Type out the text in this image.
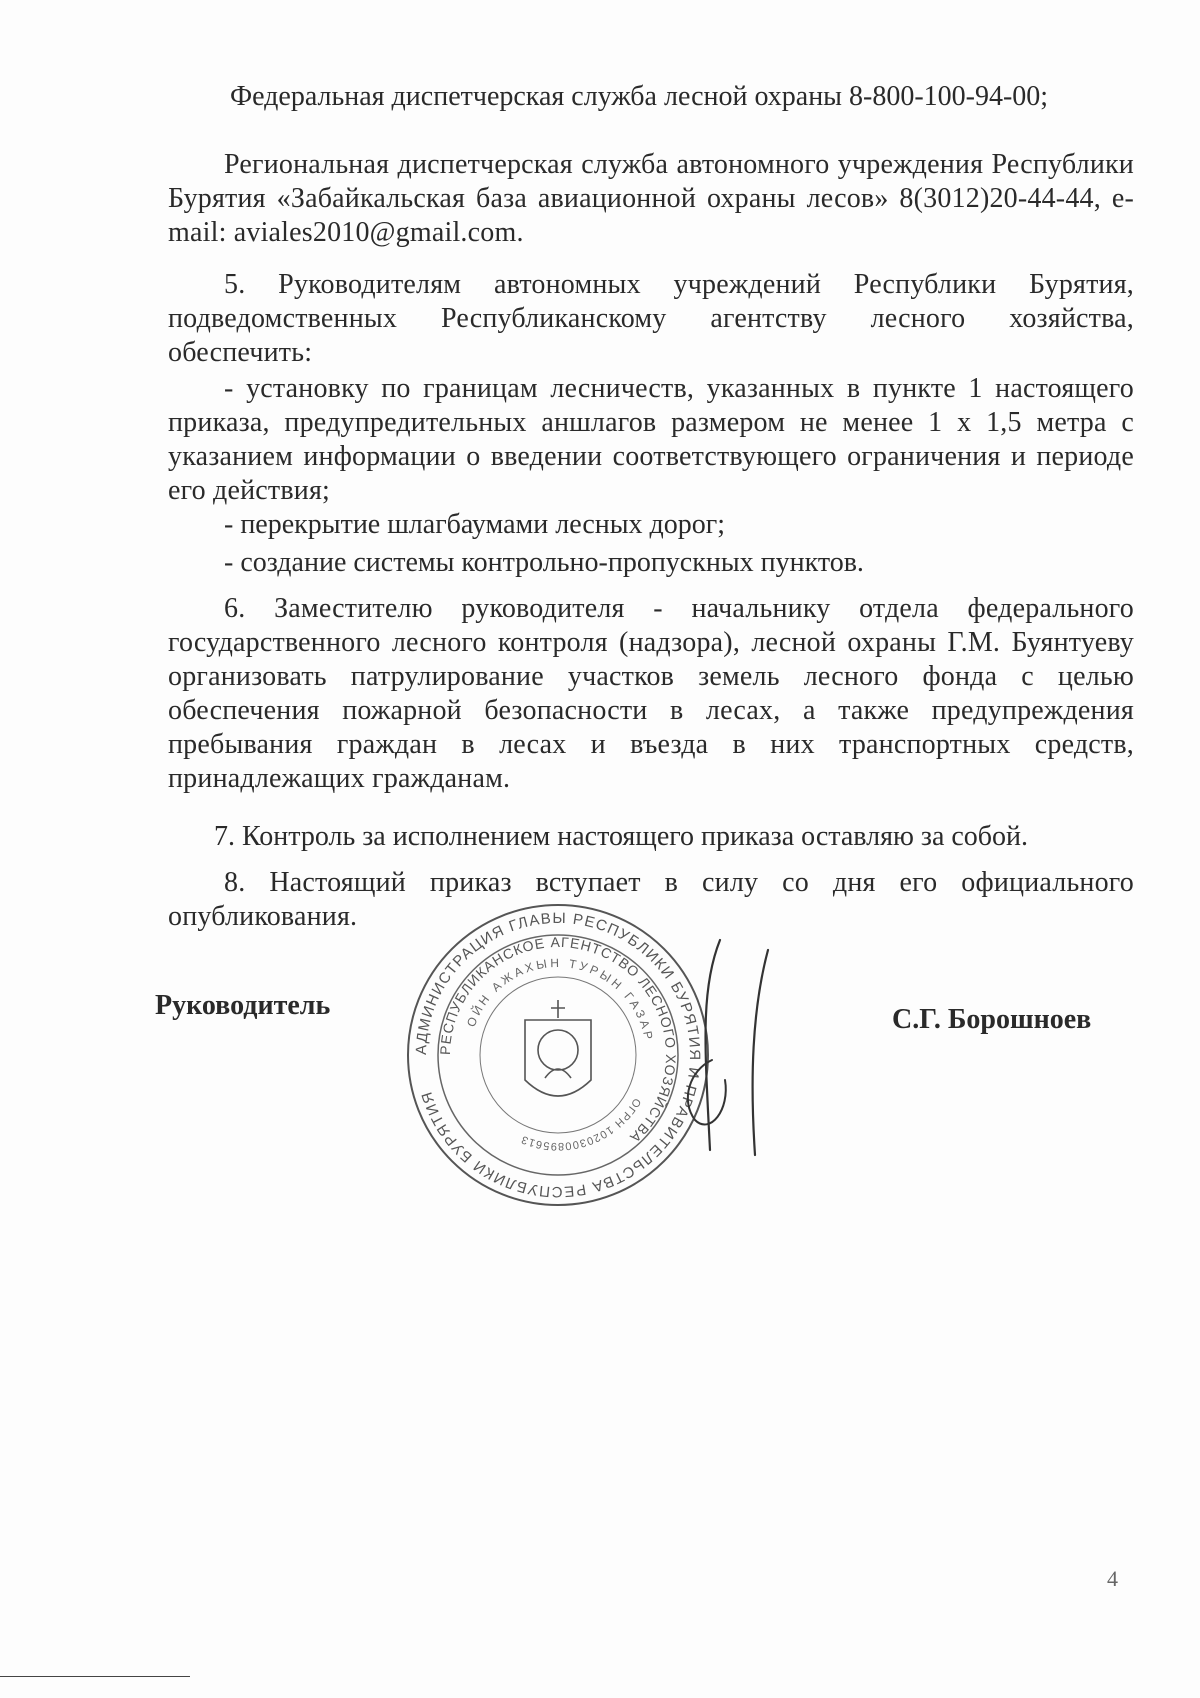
Федеральная диспетчерская служба лесной охраны 8-800-100-94-00;
Региональная диспетчерская служба автономного учреждения Республики Бурятия «Забайкальская база авиационной охраны лесов» 8(3012)20-44-44, e-mail: aviales2010@gmail.com.
5. Руководителям автономных учреждений Республики Бурятия, подведомственных Республиканскому агентству лесного хозяйства, обеспечить:
- установку по границам лесничеств, указанных в пункте 1 настоящего приказа, предупредительных аншлагов размером не менее 1 х 1,5 метра с указанием информации о введении соответствующего ограничения и периоде его действия;
- перекрытие шлагбаумами лесных дорог;
- создание системы контрольно-пропускных пунктов.
6. Заместителю руководителя - начальнику отдела федерального государственного лесного контроля (надзора), лесной охраны Г.М. Буянтуеву организовать патрулирование участков земель лесного фонда с целью обеспечения пожарной безопасности в лесах, а также предупреждения пребывания граждан в лесах и въезда в них транспортных средств, принадлежащих гражданам.
7. Контроль за исполнением настоящего приказа оставляю за собой.
8. Настоящий приказ вступает в силу со дня его официального опубликования.
Руководитель
АДМИНИСТРАЦИЯ ГЛАВЫ РЕСПУБЛИКИ БУРЯТИЯ И ПРАВИТЕЛЬСТВА РЕСПУБЛИКИ БУРЯТИЯ
РЕСПУБЛИКАНСКОЕ АГЕНТСТВО ЛЕСНОГО ХОЗЯЙСТВА
ОЙН АЖАХЫН ТУРЫН ГАЗАР
ОГРН 1020300895613
С.Г. Борошноев
4
